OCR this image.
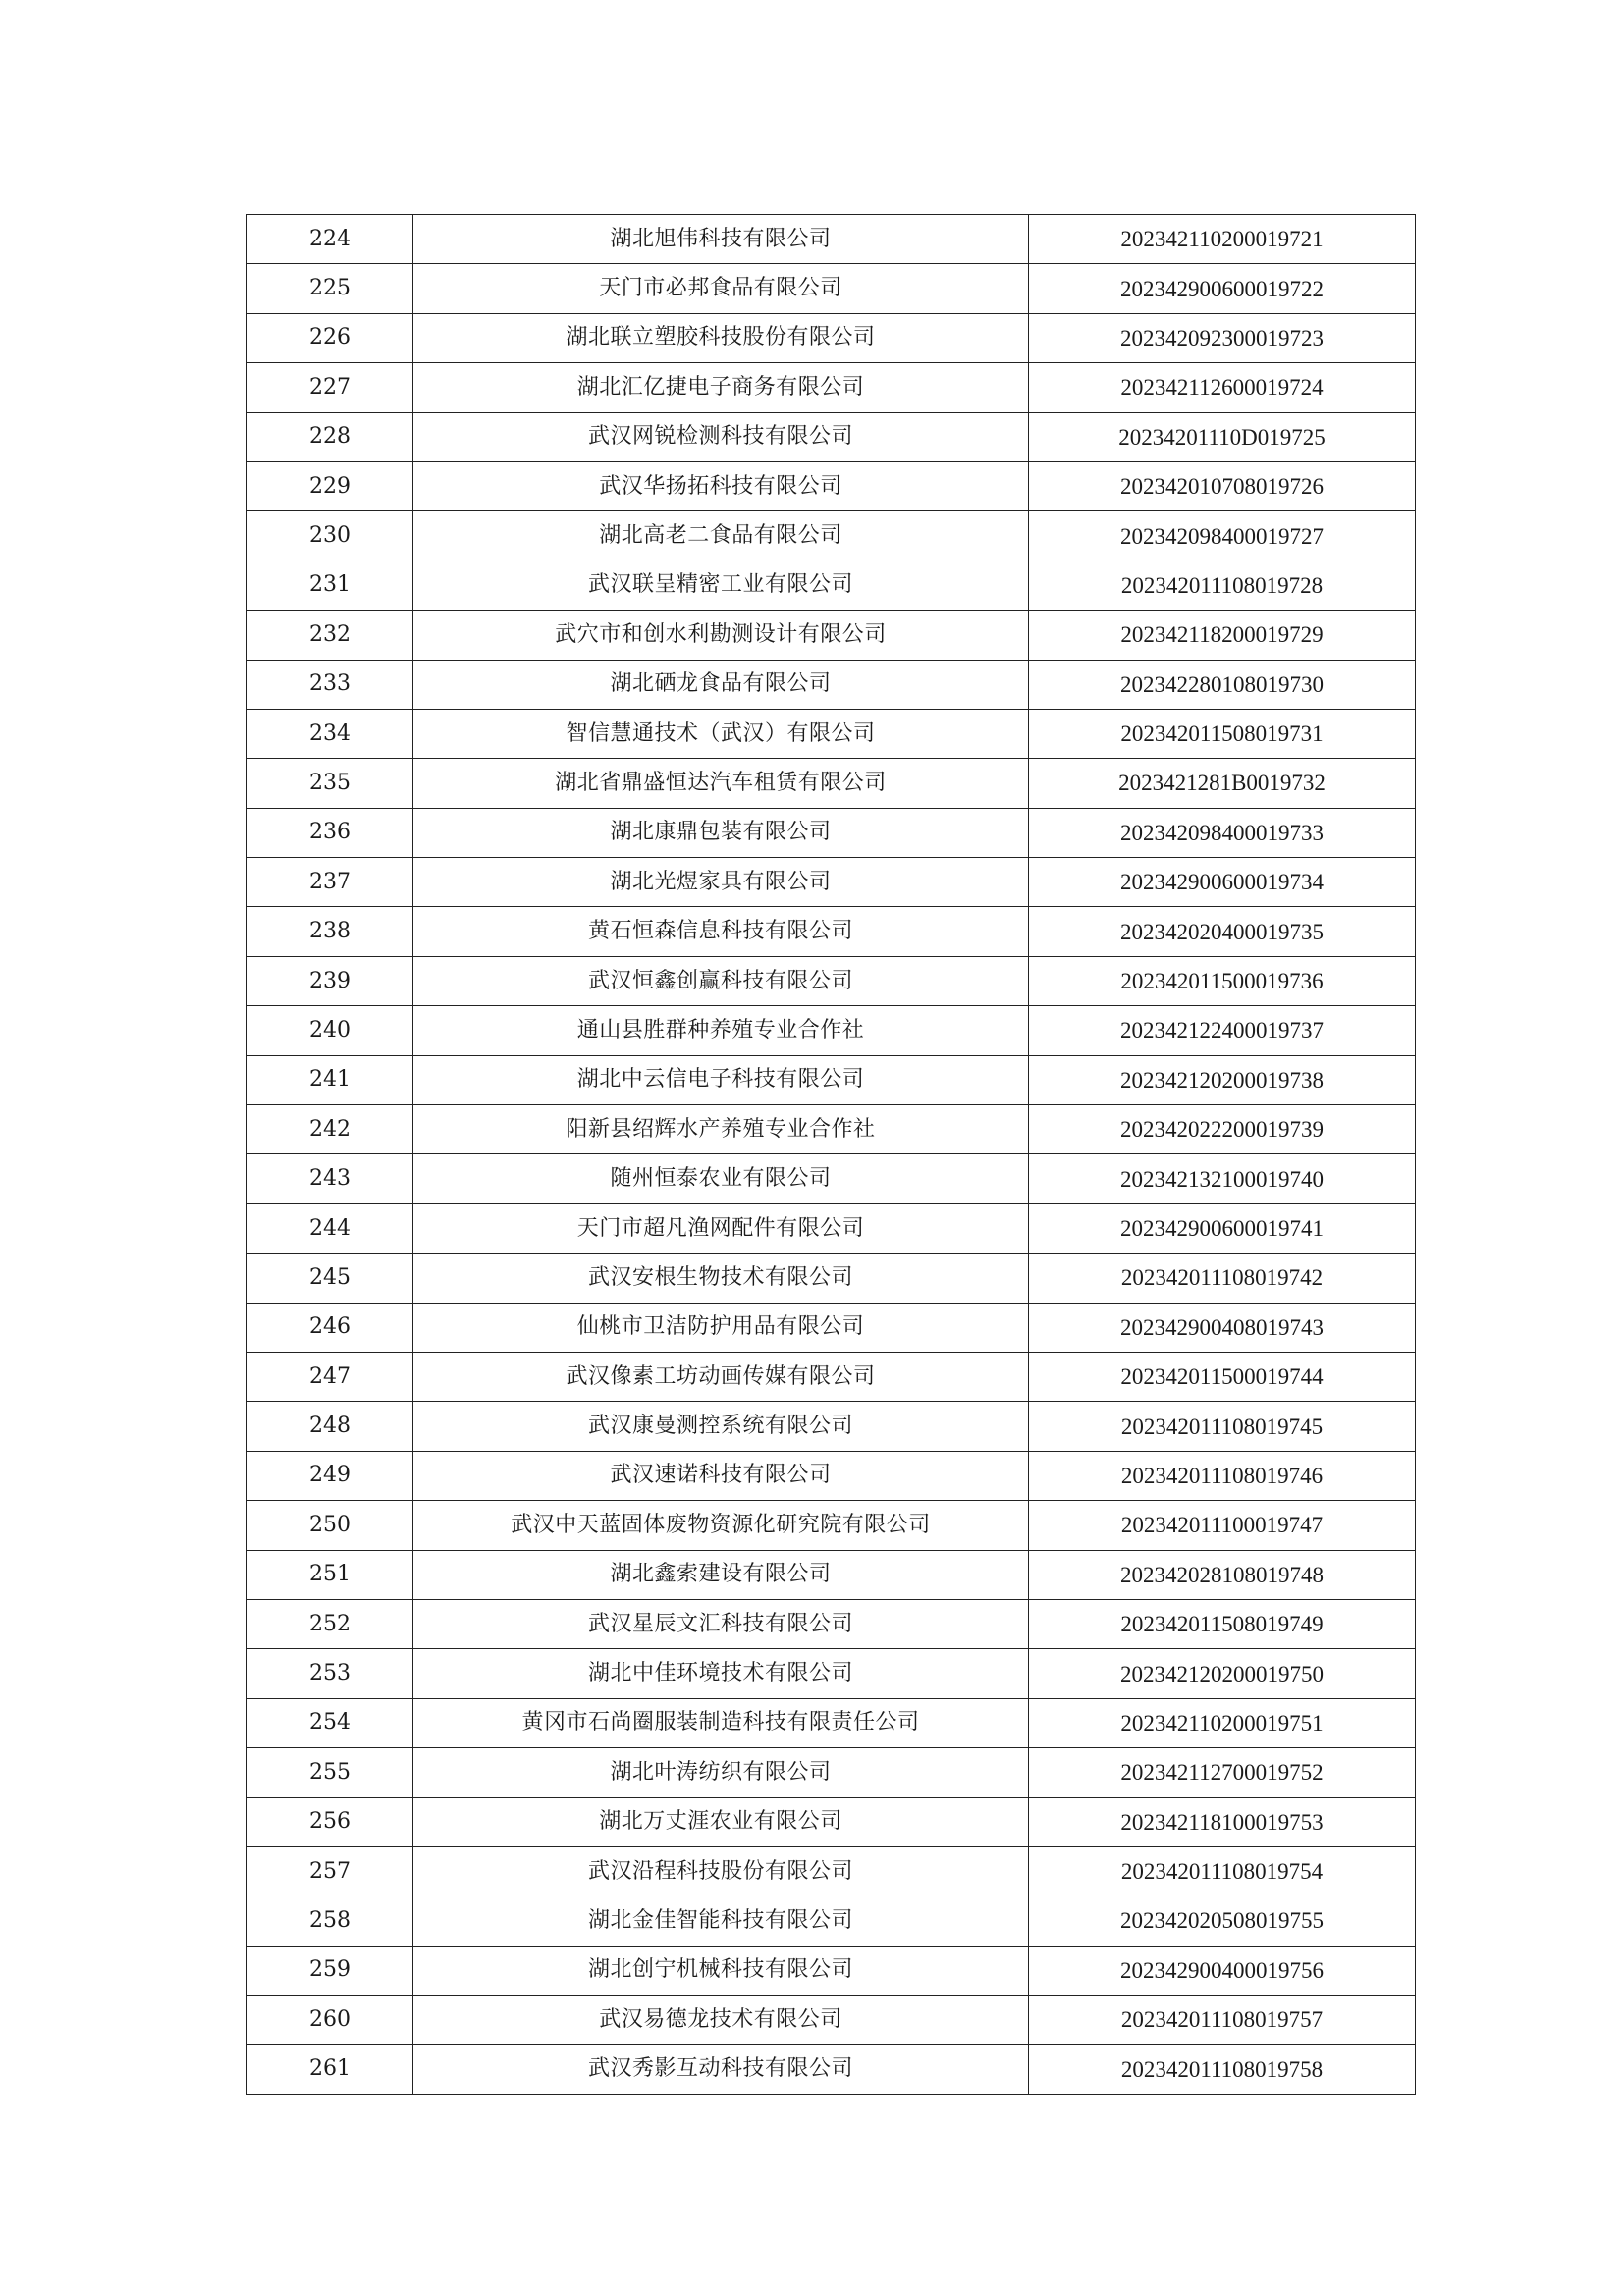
224	湖北旭伟科技有限公司	202342110200019721
225	天门市必邦食品有限公司	202342900600019722
226	湖北联立塑胶科技股份有限公司	202342092300019723
227	湖北汇亿捷电子商务有限公司	202342112600019724
228	武汉网锐检测科技有限公司	20234201110D019725
229	武汉华扬拓科技有限公司	202342010708019726
230	湖北高老二食品有限公司	202342098400019727
231	武汉联呈精密工业有限公司	202342011108019728
232	武穴市和创水利勘测设计有限公司	202342118200019729
233	湖北硒龙食品有限公司	202342280108019730
234	智信慧通技术（武汉）有限公司	202342011508019731
235	湖北省鼎盛恒达汽车租赁有限公司	2023421281B0019732
236	湖北康鼎包装有限公司	202342098400019733
237	湖北光煜家具有限公司	202342900600019734
238	黄石恒森信息科技有限公司	202342020400019735
239	武汉恒鑫创赢科技有限公司	202342011500019736
240	通山县胜群种养殖专业合作社	202342122400019737
241	湖北中云信电子科技有限公司	202342120200019738
242	阳新县绍辉水产养殖专业合作社	202342022200019739
243	随州恒泰农业有限公司	202342132100019740
244	天门市超凡渔网配件有限公司	202342900600019741
245	武汉安根生物技术有限公司	202342011108019742
246	仙桃市卫洁防护用品有限公司	202342900408019743
247	武汉像素工坊动画传媒有限公司	202342011500019744
248	武汉康曼测控系统有限公司	202342011108019745
249	武汉速诺科技有限公司	202342011108019746
250	武汉中天蓝固体废物资源化研究院有限公司	202342011100019747
251	湖北鑫索建设有限公司	202342028108019748
252	武汉星辰文汇科技有限公司	202342011508019749
253	湖北中佳环境技术有限公司	202342120200019750
254	黄冈市石尚圈服装制造科技有限责任公司	202342110200019751
255	湖北叶涛纺织有限公司	202342112700019752
256	湖北万丈涯农业有限公司	202342118100019753
257	武汉沿程科技股份有限公司	202342011108019754
258	湖北金佳智能科技有限公司	202342020508019755
259	湖北创宁机械科技有限公司	202342900400019756
260	武汉易德龙技术有限公司	202342011108019757
261	武汉秀影互动科技有限公司	202342011108019758
